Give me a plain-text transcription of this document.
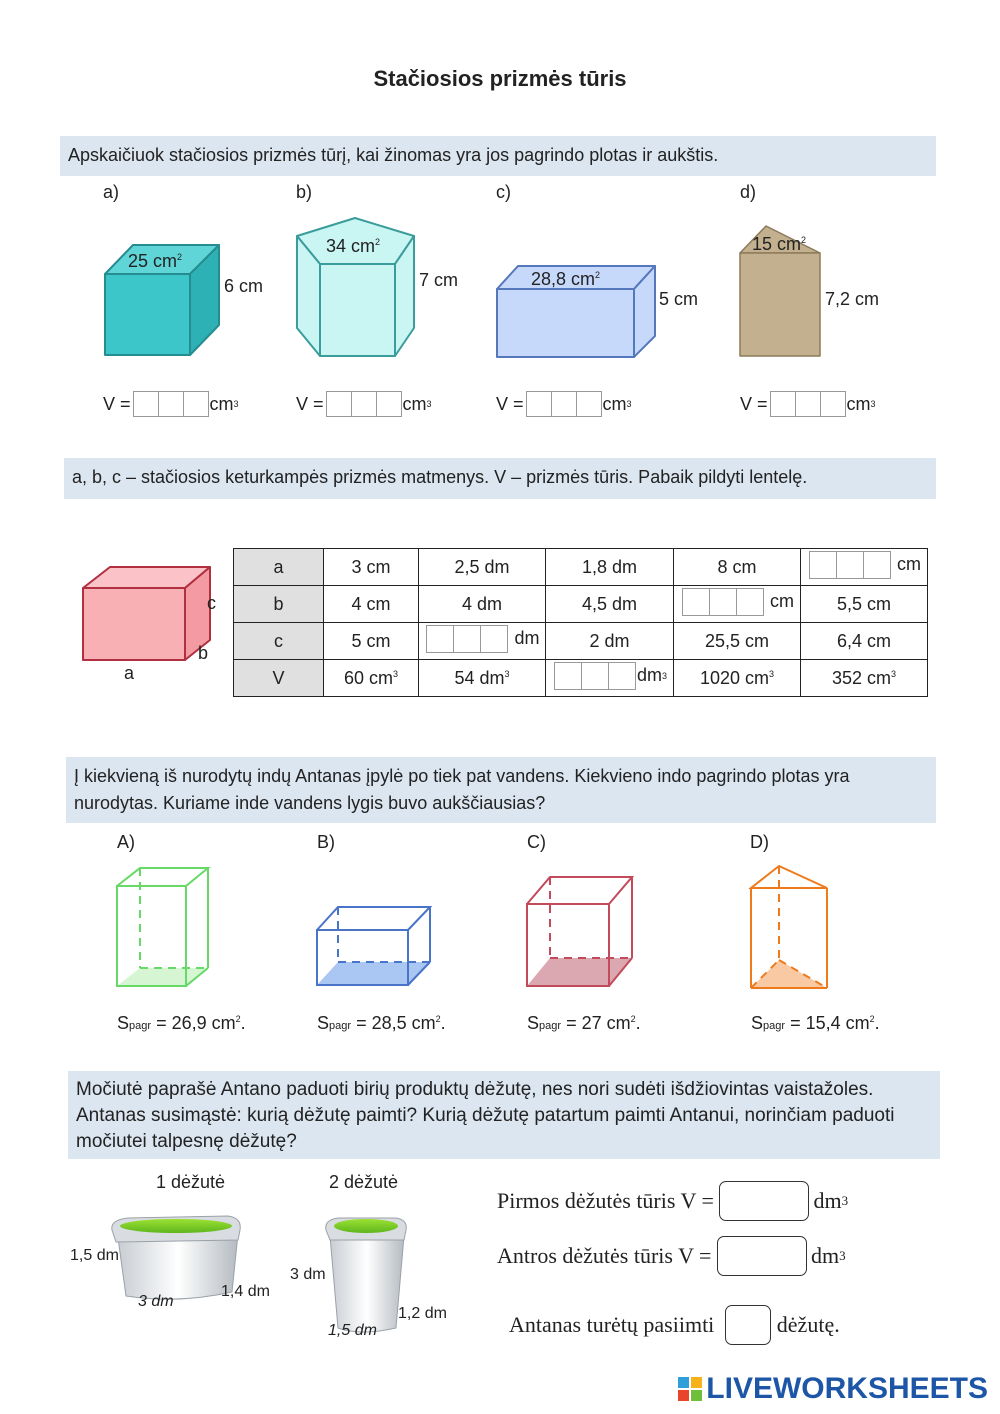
Stačiosios prizmės tūris
Apskaičiuok stačiosios prizmės tūrį, kai žinomas yra jos pagrindo plotas ir aukštis.
a)	b)	c)	d)
25 $cm^2$
34 $cm^2$
28,8 $cm^2$
15 $cm^2$
6 cm	7 cm
5 cm	7,2 cm
V =	cm 3	V =	cm 3	V =	cm 3	V =	cm 3
a, b, c – stačiosios keturkampės prizmės matmenys. V – prizmės tūris. Pabaik pildyti lentelę.
c
b
a
a	3 cm	2,5 dm	1,8 dm	8 cm	cm

b	4 cm	4 dm	4,5 dm	cm	5,5 cm
c	5 cm	dm	2 dm	25,5 cm	6,4 cm
V	60 $cm^3$	54 $dm^3$	dm 3	1020 $cm^3$	352 $cm^3$
Į kiekvieną iš nurodytų indų Antanas įpylė po tiek pat vandens. Kiekvieno indo pagrindo plotas yra nurodytas. Kuriame inde vandens lygis buvo aukščiausias?
A)	B)	C)	D)
Spagr = 26,9 $cm^2$.	Spagr = 28,5 $cm^2$.	Spagr = 27 $cm^2$.	Spagr = 15,4 $cm^2$.
Močiutė paprašė Antano paduoti birių produktų dėžutę, nes nori sudėti išdžiovintas vaistažoles. Antanas susimąstė: kurią dėžutę paimti? Kurią dėžutę patartum paimti Antanui, norinčiam paduoti močiutei talpesnę dėžutę?
1 dėžutė	2 dėžutė
1,5 dm
3 dm
1,4 dm
3 dm
1,5 dm
1,2 dm
Pirmos dėžutės tūris V =
	dm 3
Antros dėžutės tūris V =
	dm 3
Antanas turėtų pasiimti

	dėžutę.
LIVEWORKSHEETS
